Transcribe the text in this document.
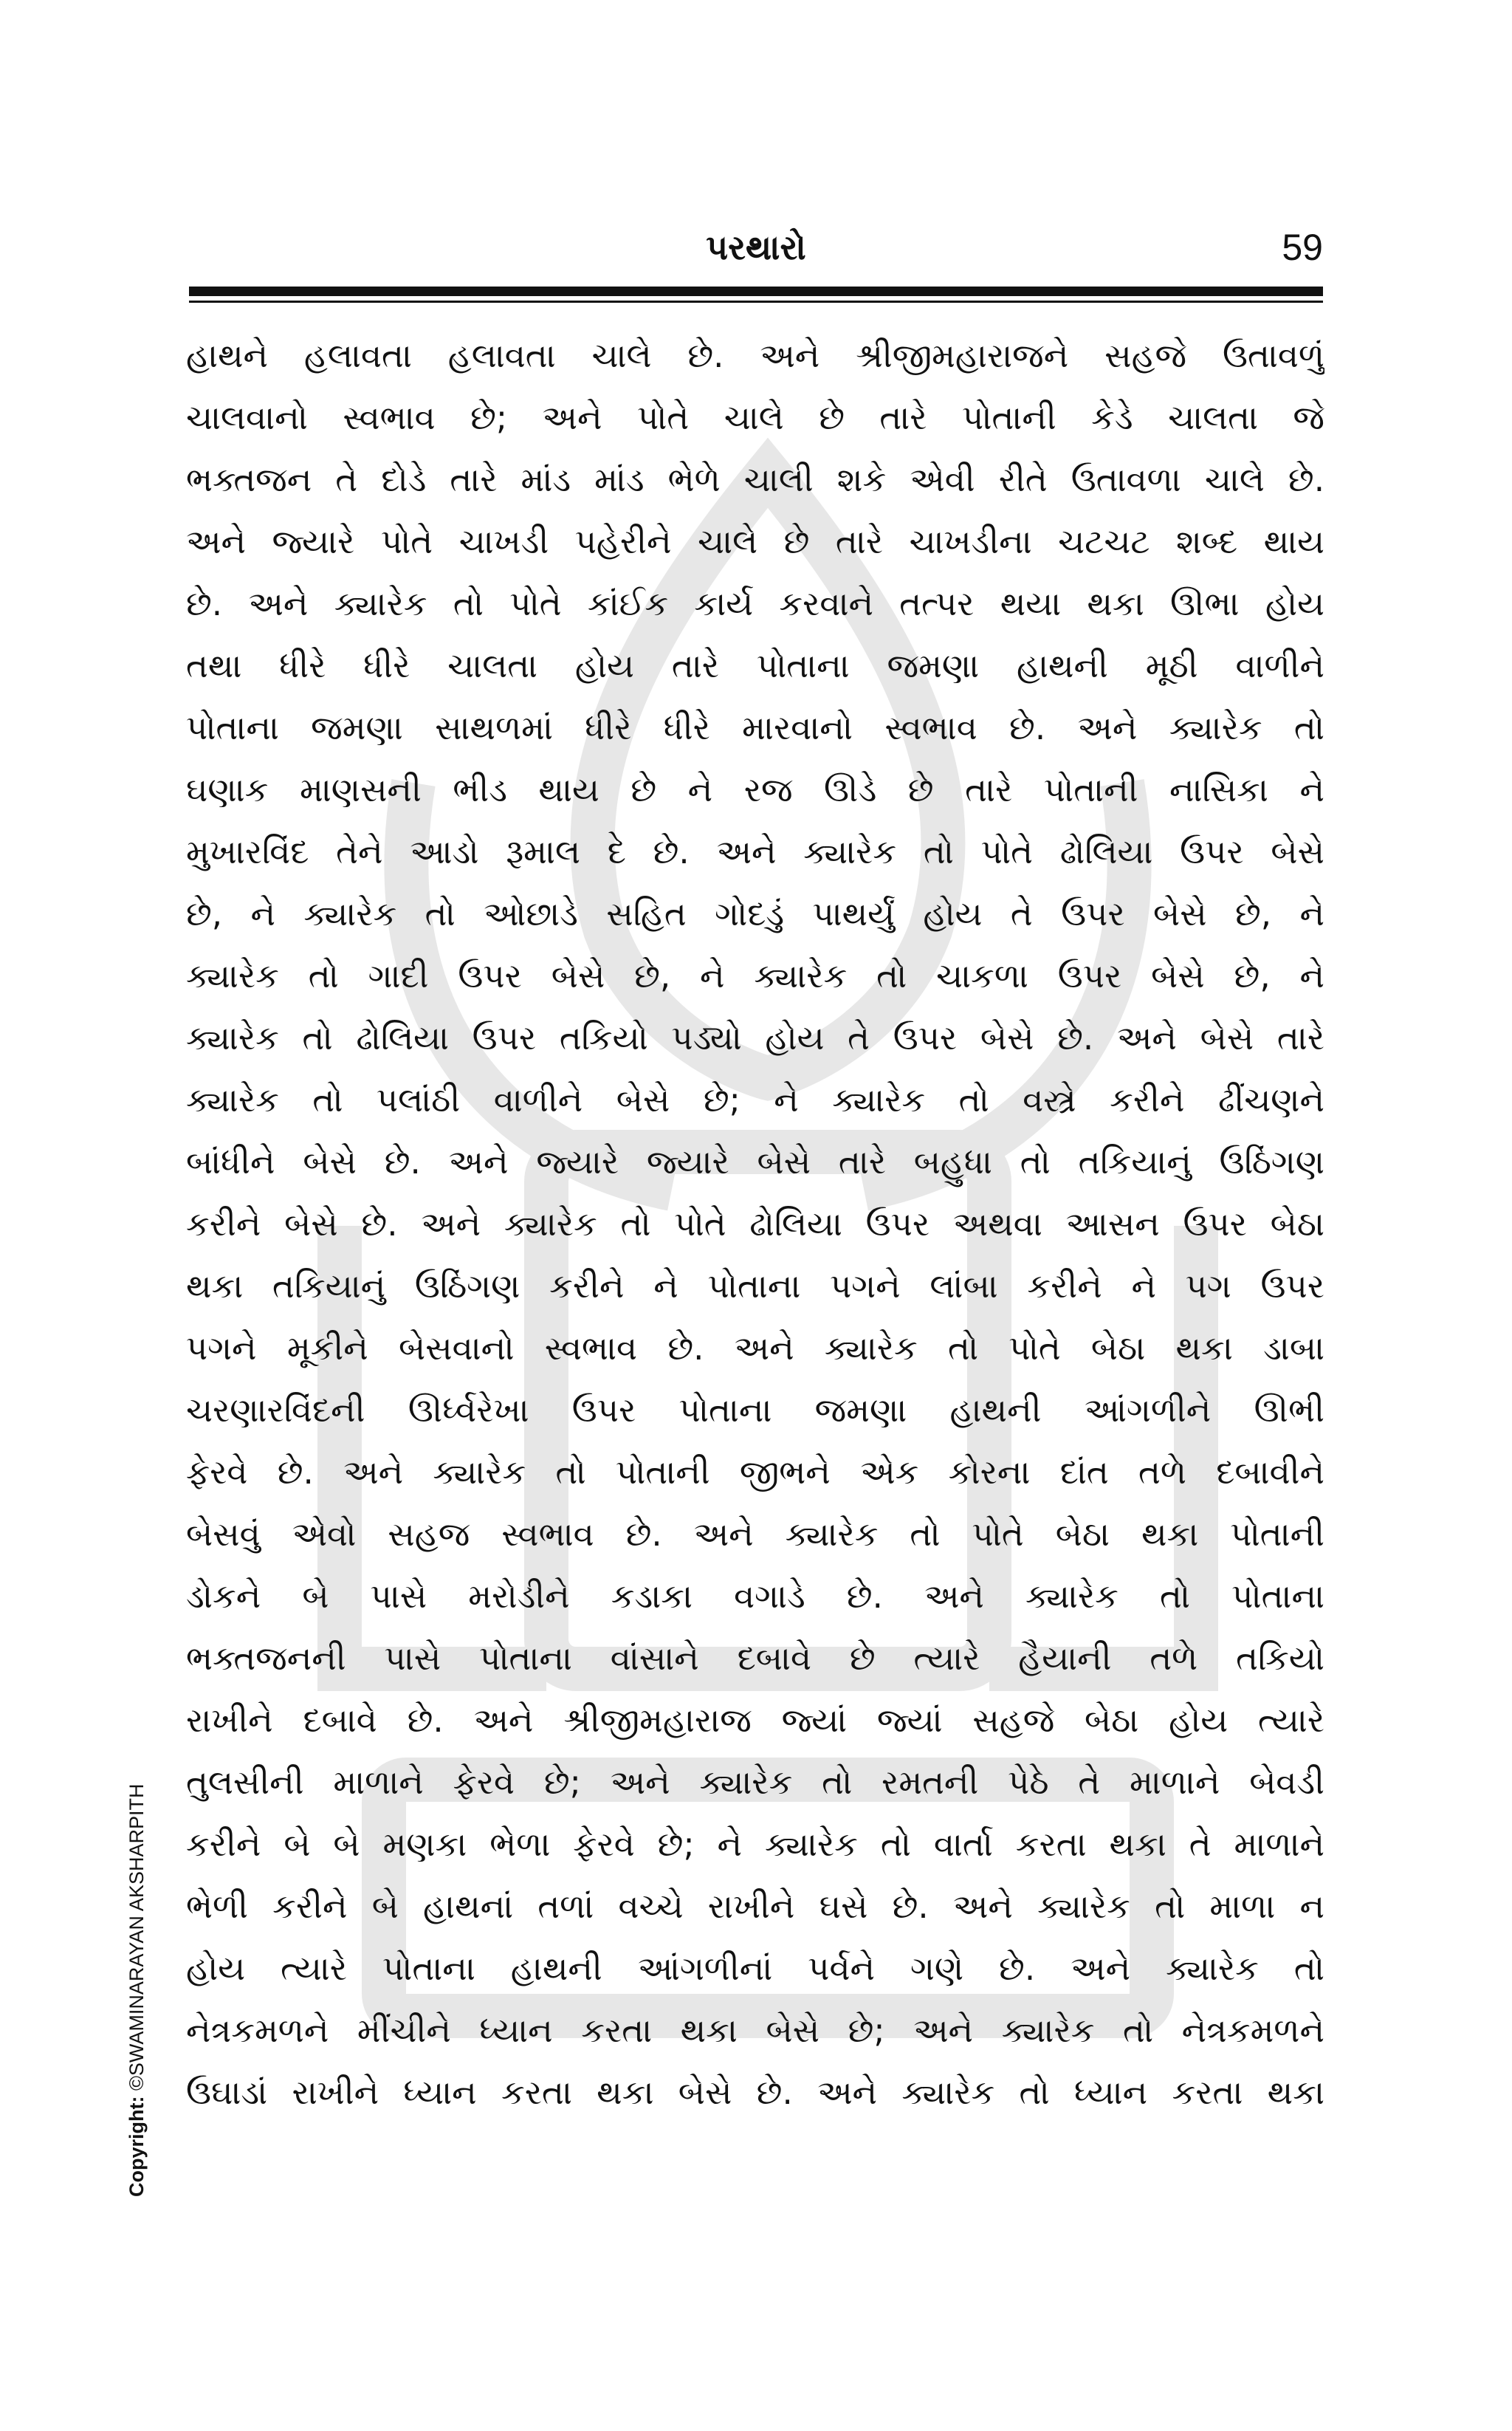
પરથારો	59
હાથને હલાવતા હલાવતા ચાલે છે. અને શ્રીજીમહારાજને સહજે ઉતાવળું
ચાલવાનો સ્વભાવ છે; અને પોતે ચાલે છે તારે પોતાની કેડે ચાલતા જે
ભક્તજન તે દોડે તારે માંડ માંડ ભેળે ચાલી શકે એવી રીતે ઉતાવળા ચાલે છે.
અને જ્યારે પોતે ચાખડી પહેરીને ચાલે છે તારે ચાખડીના ચટચટ શબ્દ થાય
છે. અને ક્યારેક તો પોતે કાંઈક કાર્ય કરવાને તત્પર થયા થકા ઊભા હોય
તથા ધીરે ધીરે ચાલતા હોય તારે પોતાના જમણા હાથની મૂઠી વાળીને
પોતાના જમણા સાથળમાં ધીરે ધીરે મારવાનો સ્વભાવ છે. અને ક્યારેક તો
ઘણાક માણસની ભીડ થાય છે ને રજ ઊડે છે તારે પોતાની નાસિકા ને
મુખારવિંદ તેને આડો રૂમાલ દે છે. અને ક્યારેક તો પોતે ઢોલિયા ઉપર બેસે
છે, ને ક્યારેક તો ઓછાડે સહિત ગોદડું પાથર્યું હોય તે ઉપર બેસે છે, ને
ક્યારેક તો ગાદી ઉપર બેસે છે, ને ક્યારેક તો ચાકળા ઉપર બેસે છે, ને
ક્યારેક તો ઢોલિયા ઉપર તકિયો પડ્યો હોય તે ઉપર બેસે છે. અને બેસે તારે
ક્યારેક તો પલાંઠી વાળીને બેસે છે; ને ક્યારેક તો વસ્ત્રે કરીને ઢીંચણને
બાંધીને બેસે છે. અને જ્યારે જ્યારે બેસે તારે બહુધા તો તકિયાનું ઉઠિંગણ
કરીને બેસે છે. અને ક્યારેક તો પોતે ઢોલિયા ઉપર અથવા આસન ઉપર બેઠા
થકા તકિયાનું ઉઠિંગણ કરીને ને પોતાના પગને લાંબા કરીને ને પગ ઉપર
પગને મૂકીને બેસવાનો સ્વભાવ છે. અને ક્યારેક તો પોતે બેઠા થકા ડાબા
ચરણારવિંદની ઊર્ધ્વરેખા ઉપર પોતાના જમણા હાથની આંગળીને ઊભી
ફેરવે છે. અને ક્યારેક તો પોતાની જીભને એક કોરના દાંત તળે દબાવીને
બેસવું એવો સહજ સ્વભાવ છે. અને ક્યારેક તો પોતે બેઠા થકા પોતાની
ડોકને બે પાસે મરોડીને કડાકા વગાડે છે. અને ક્યારેક તો પોતાના
ભક્તજનની પાસે પોતાના વાંસાને દબાવે છે ત્યારે હૈયાની તળે તકિયો
રાખીને દબાવે છે. અને શ્રીજીમહારાજ જ્યાં જ્યાં સહજે બેઠા હોય ત્યારે
તુલસીની માળાને ફેરવે છે; અને ક્યારેક તો રમતની પેઠે તે માળાને બેવડી
કરીને બે બે મણકા ભેળા ફેરવે છે; ને ક્યારેક તો વાર્તા કરતા થકા તે માળાને
ભેળી કરીને બે હાથનાં તળાં વચ્ચે રાખીને ઘસે છે. અને ક્યારેક તો માળા ન
હોય ત્યારે પોતાના હાથની આંગળીનાં પર્વને ગણે છે. અને ક્યારેક તો
નેત્રકમળને મીંચીને ધ્યાન કરતા થકા બેસે છે; અને ક્યારેક તો નેત્રકમળને
ઉઘાડાં રાખીને ધ્યાન કરતા થકા બેસે છે. અને ક્યારેક તો ધ્યાન કરતા થકા
Copyright: ©SWAMINARAYAN AKSHARPITH
